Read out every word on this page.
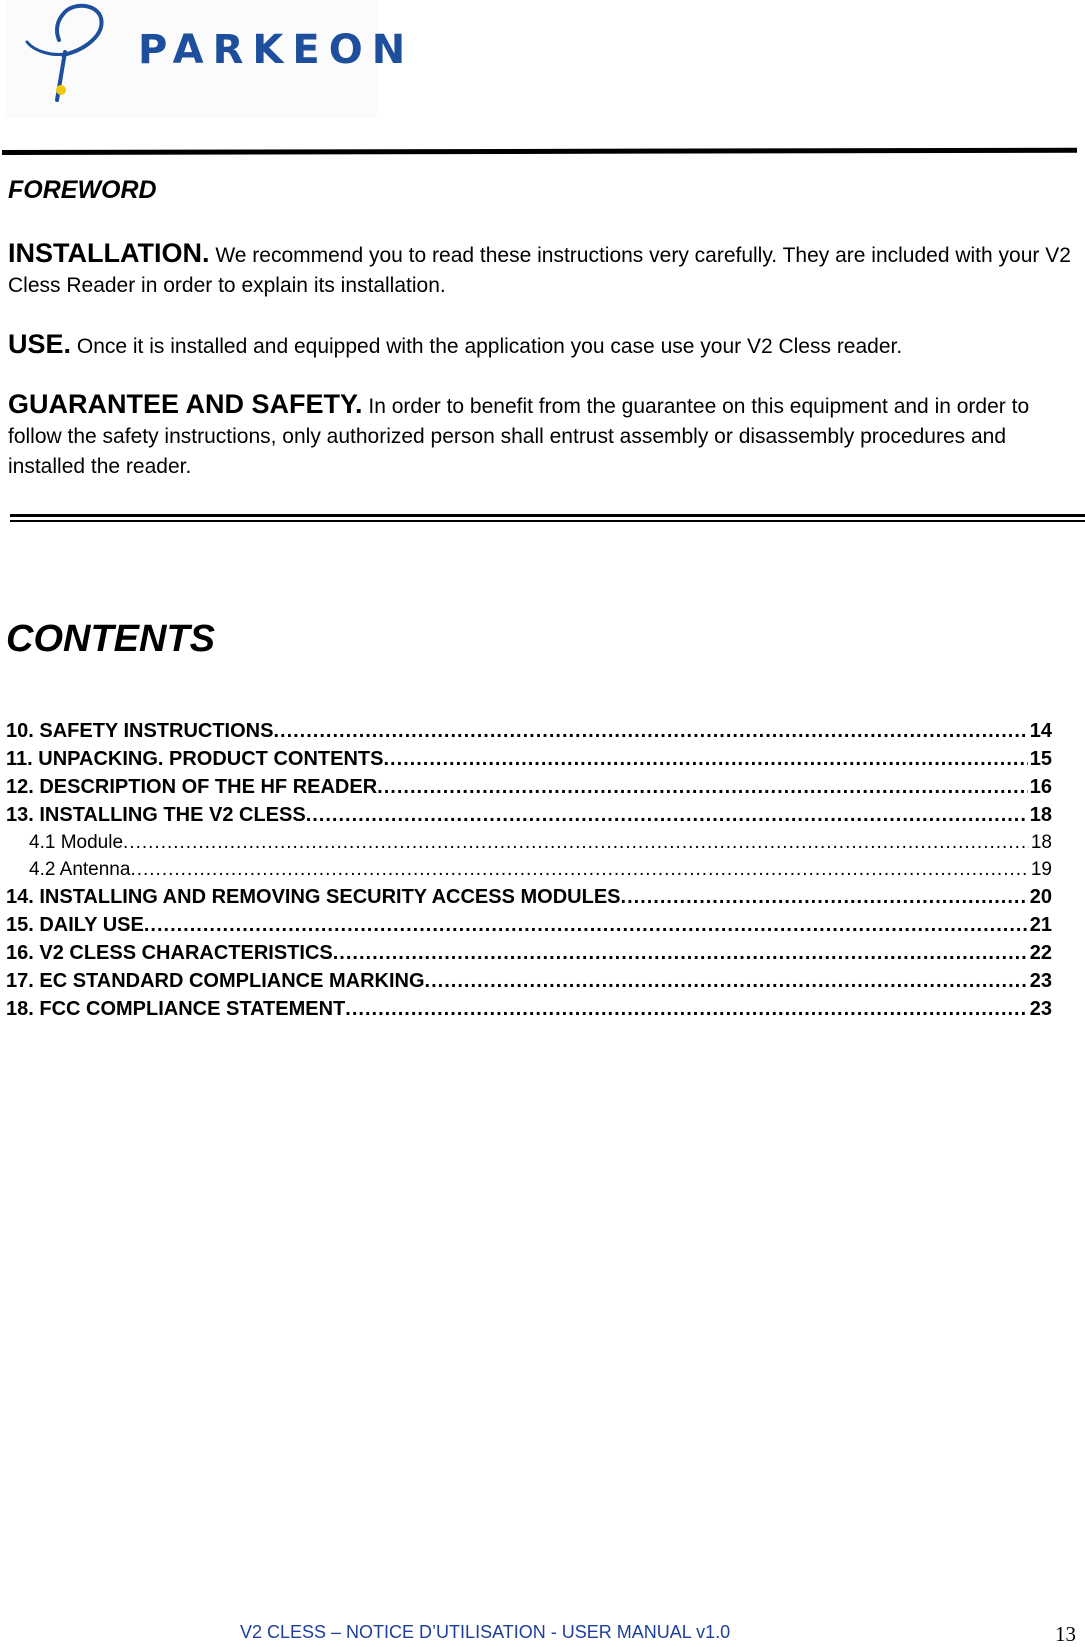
PARKEON
FOREWORD
INSTALLATION. We recommend you to read these instructions very carefully. They are included with your V2 Cless Reader in order to explain its installation.
USE. Once it is installed and equipped with the application you case use your V2 Cless reader.
GUARANTEE AND SAFETY. In order to benefit from the guarantee on this equipment and in order to follow the safety instructions, only authorized person shall entrust assembly or disassembly procedures and installed the reader.
CONTENTS
10. SAFETY INSTRUCTIONS .....	14
11. UNPACKING. PRODUCT CONTENTS .....	15
12. DESCRIPTION OF THE HF READER .....	16
13. INSTALLING THE V2 CLESS .....	18
4.1 Module .....	18
4.2 Antenna .....	19
14. INSTALLING AND REMOVING SECURITY ACCESS MODULES .....	20
15. DAILY USE .....	21
16. V2 CLESS CHARACTERISTICS .....	22
17. EC STANDARD COMPLIANCE MARKING .....	23
18. FCC COMPLIANCE STATEMENT .....	23
V2 CLESS – NOTICE D’UTILISATION - USER MANUAL v1.0	13
